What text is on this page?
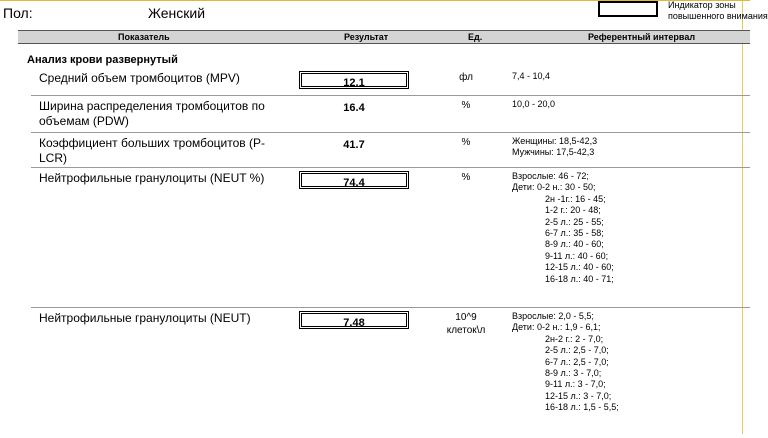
Пол:	Женский	Индикатор зоны
повышенного внимания
Показатель	Результат	Ед.	Референтный интервал
Анализ крови развернутый
Средний объем тромбоцитов (MPV)	12.1	фл	7,4 - 10,4
Ширина распределения тромбоцитов по объемам (PDW)
16.4	%	10,0 - 20,0
Коэффициент больших тромбоцитов (P-LCR)
41.7	%	Женщины: 18,5-42,3
Мужчины: 17,5-42,3
Нейтрофильные гранулоциты (NEUT %)	74.4	%	Взрослые: 46 - 72;
Дети: 0-2 н.: 30 - 50;
2н -1г.: 16 - 45;
1-2 г.: 20 - 48;
2-5 л.: 25 - 55;
6-7 л.: 35 - 58;
8-9 л.: 40 - 60;
9-11 л.: 40 - 60;
12-15 л.: 40 - 60;
16-18 л.: 40 - 71;
Нейтрофильные гранулоциты (NEUT)	7.48	10^9 клеток\л
Взрослые: 2,0 - 5,5;
Дети: 0-2 н.: 1,9 - 6,1;
2н-2 г.: 2 - 7,0;
2-5 л.: 2,5 - 7,0;
6-7 л.: 2,5 - 7,0;
8-9 л.: 3 - 7,0;
9-11 л.: 3 - 7,0;
12-15 л.: 3 - 7,0;
16-18 л.: 1,5 - 5,5;
